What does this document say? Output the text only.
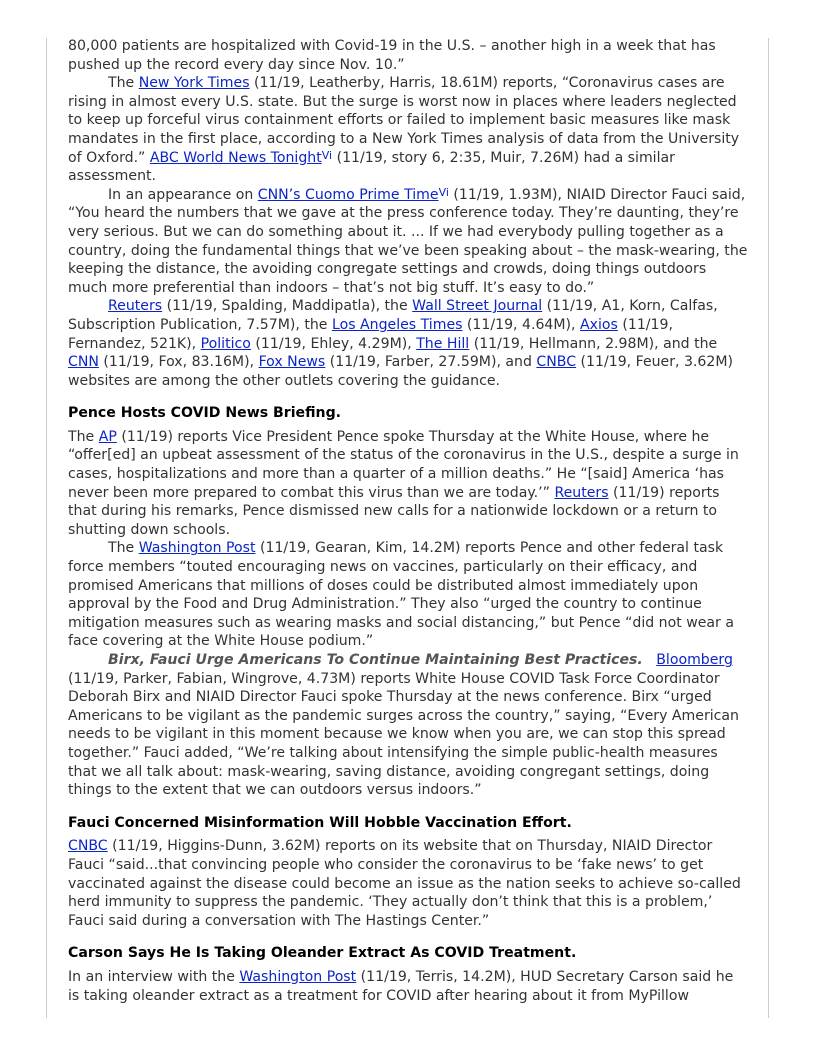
80,000 patients are hospitalized with Covid-19 in the U.S. – another high in a week that has pushed up the record every day since Nov. 10.”

The New York Times (11/19, Leatherby, Harris, 18.61M) reports, “Coronavirus cases are rising in almost every U.S. state. But the surge is worst now in places where leaders neglected to keep up forceful virus containment efforts or failed to implement basic measures like mask mandates in the first place, according to a New York Times analysis of data from the University of Oxford.” ABC World News Tonight$^{Vi}$ (11/19, story 6, 2:35, Muir, 7.26M) had a similar assessment.

In an appearance on CNN’s Cuomo Prime Time$^{Vi}$ (11/19, 1.93M), NIAID Director Fauci said, “You heard the numbers that we gave at the press conference today. They’re daunting, they’re very serious. But we can do something about it. ... If we had everybody pulling together as a country, doing the fundamental things that we’ve been speaking about – the mask-wearing, the keeping the distance, the avoiding congregate settings and crowds, doing things outdoors much more preferential than indoors – that’s not big stuff. It’s easy to do.”

Reuters (11/19, Spalding, Maddipatla), the Wall Street Journal (11/19, A1, Korn, Calfas, Subscription Publication, 7.57M), the Los Angeles Times (11/19, 4.64M), Axios (11/19, Fernandez, 521K), Politico (11/19, Ehley, 4.29M), The Hill (11/19, Hellmann, 2.98M), and the CNN (11/19, Fox, 83.16M), Fox News (11/19, Farber, 27.59M), and CNBC (11/19, Feuer, 3.62M) websites are among the other outlets covering the guidance.

Pence Hosts COVID News Briefing.

The AP (11/19) reports Vice President Pence spoke Thursday at the White House, where he “offer[ed] an upbeat assessment of the status of the coronavirus in the U.S., despite a surge in cases, hospitalizations and more than a quarter of a million deaths.” He “[said] America ‘has never been more prepared to combat this virus than we are today.’” Reuters (11/19) reports that during his remarks, Pence dismissed new calls for a nationwide lockdown or a return to shutting down schools.

The Washington Post (11/19, Gearan, Kim, 14.2M) reports Pence and other federal task force members “touted encouraging news on vaccines, particularly on their efficacy, and promised Americans that millions of doses could be distributed almost immediately upon approval by the Food and Drug Administration.” They also “urged the country to continue mitigation measures such as wearing masks and social distancing,” but Pence “did not wear a face covering at the White House podium.”

Birx, Fauci Urge Americans To Continue Maintaining Best Practices. Bloomberg (11/19, Parker, Fabian, Wingrove, 4.73M) reports White House COVID Task Force Coordinator Deborah Birx and NIAID Director Fauci spoke Thursday at the news conference. Birx “urged Americans to be vigilant as the pandemic surges across the country,” saying, “Every American needs to be vigilant in this moment because we know when you are, we can stop this spread together.” Fauci added, “We’re talking about intensifying the simple public-health measures that we all talk about: mask-wearing, saving distance, avoiding congregant settings, doing things to the extent that we can outdoors versus indoors.”

Fauci Concerned Misinformation Will Hobble Vaccination Effort.

CNBC (11/19, Higgins-Dunn, 3.62M) reports on its website that on Thursday, NIAID Director Fauci “said...that convincing people who consider the coronavirus to be ‘fake news’ to get vaccinated against the disease could become an issue as the nation seeks to achieve so-called herd immunity to suppress the pandemic. ‘They actually don’t think that this is a problem,’ Fauci said during a conversation with The Hastings Center.”

Carson Says He Is Taking Oleander Extract As COVID Treatment.

In an interview with the Washington Post (11/19, Terris, 14.2M), HUD Secretary Carson said he is taking oleander extract as a treatment for COVID after hearing about it from MyPillow
